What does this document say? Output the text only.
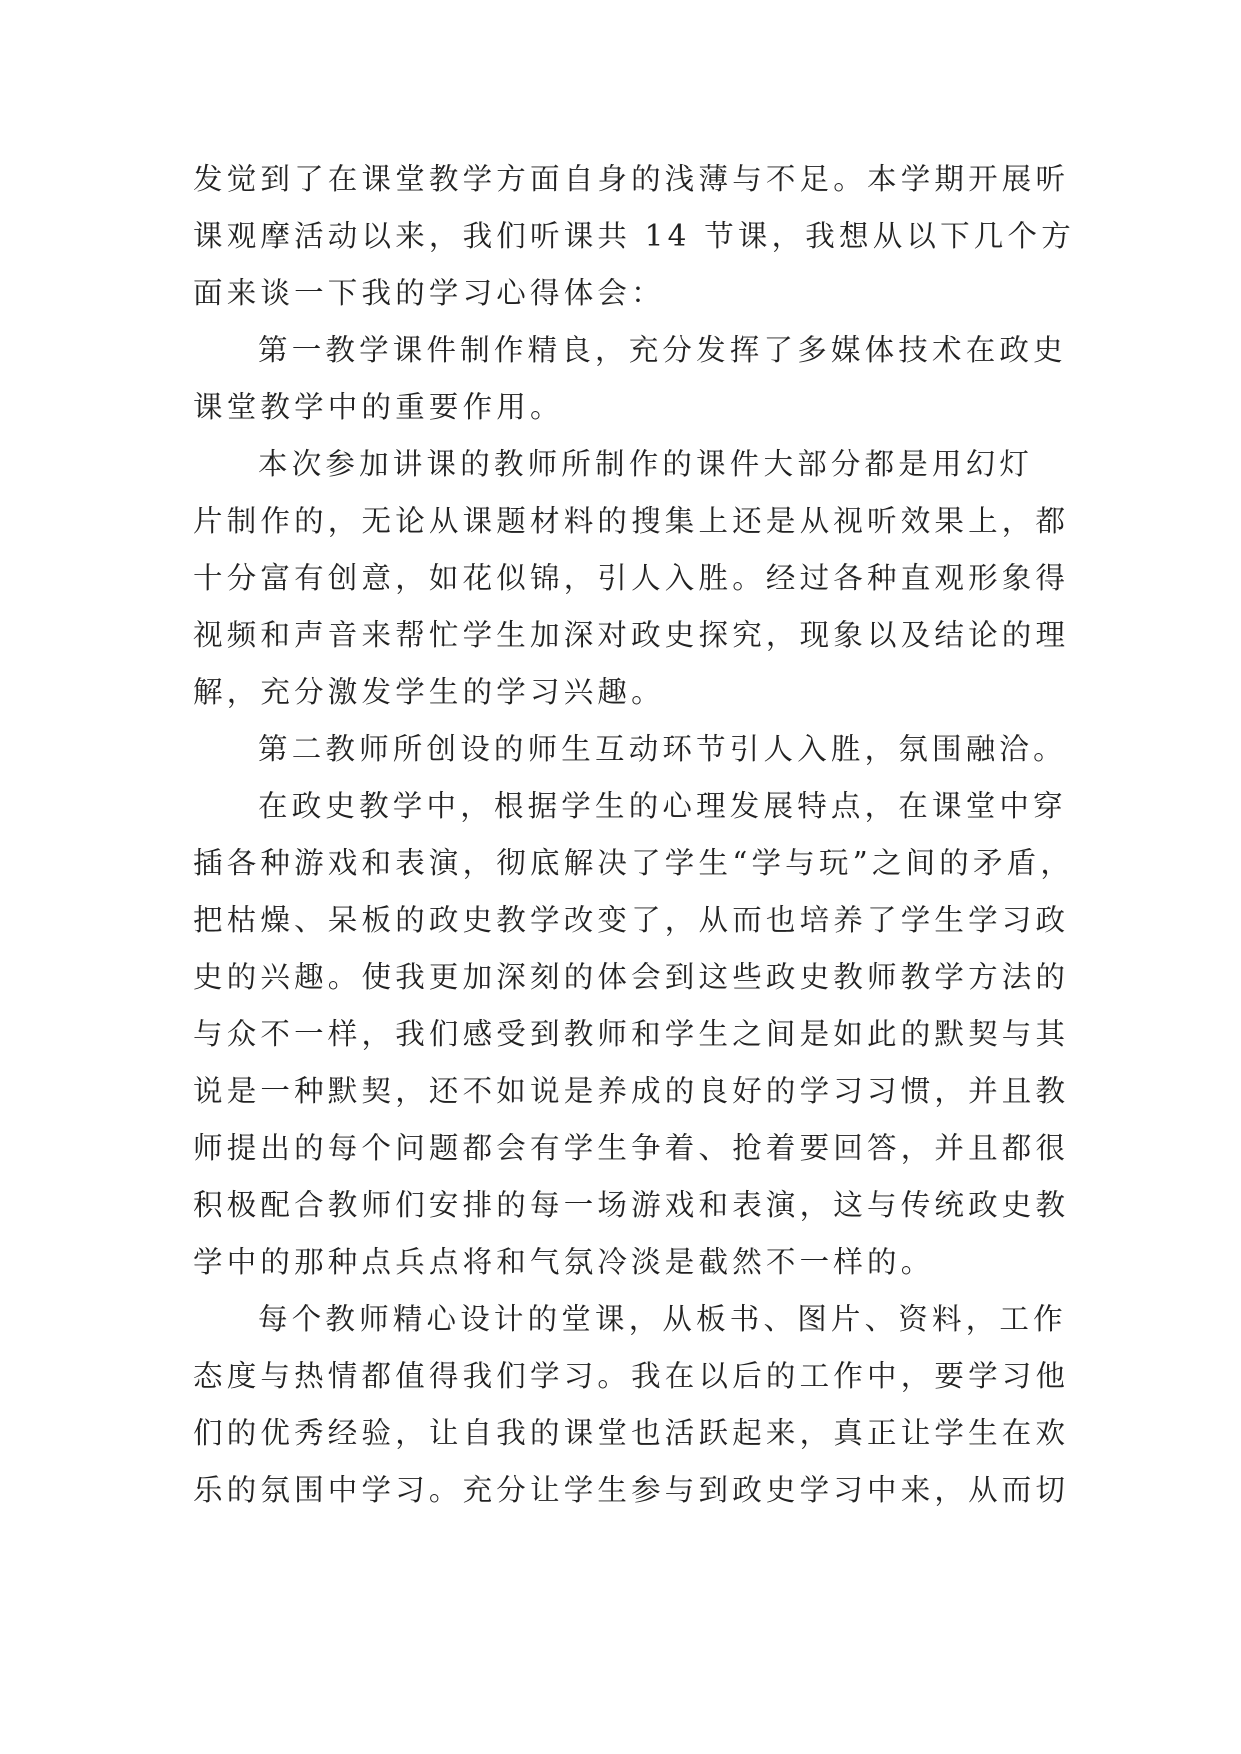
发觉到了在课堂教学方面自身的浅薄与不足。本学期开展听
课观摩活动以来，我们听课共 14 节课，我想从以下几个方
面来谈一下我的学习心得体会：
第一教学课件制作精良，充分发挥了多媒体技术在政史
课堂教学中的重要作用。
本次参加讲课的教师所制作的课件大部分都是用幻灯
片制作的，无论从课题材料的搜集上还是从视听效果上，都
十分富有创意，如花似锦，引人入胜。经过各种直观形象得
视频和声音来帮忙学生加深对政史探究，现象以及结论的理
解，充分激发学生的学习兴趣。
第二教师所创设的师生互动环节引人入胜，氛围融洽。
在政史教学中，根据学生的心理发展特点，在课堂中穿
插各种游戏和表演，彻底解决了学生“学与玩”之间的矛盾，
把枯燥、呆板的政史教学改变了，从而也培养了学生学习政
史的兴趣。使我更加深刻的体会到这些政史教师教学方法的
与众不一样，我们感受到教师和学生之间是如此的默契与其
说是一种默契，还不如说是养成的良好的学习习惯，并且教
师提出的每个问题都会有学生争着、抢着要回答，并且都很
积极配合教师们安排的每一场游戏和表演，这与传统政史教
学中的那种点兵点将和气氛冷淡是截然不一样的。
每个教师精心设计的堂课，从板书、图片、资料，工作
态度与热情都值得我们学习。我在以后的工作中，要学习他
们的优秀经验，让自我的课堂也活跃起来，真正让学生在欢
乐的氛围中学习。充分让学生参与到政史学习中来，从而切
